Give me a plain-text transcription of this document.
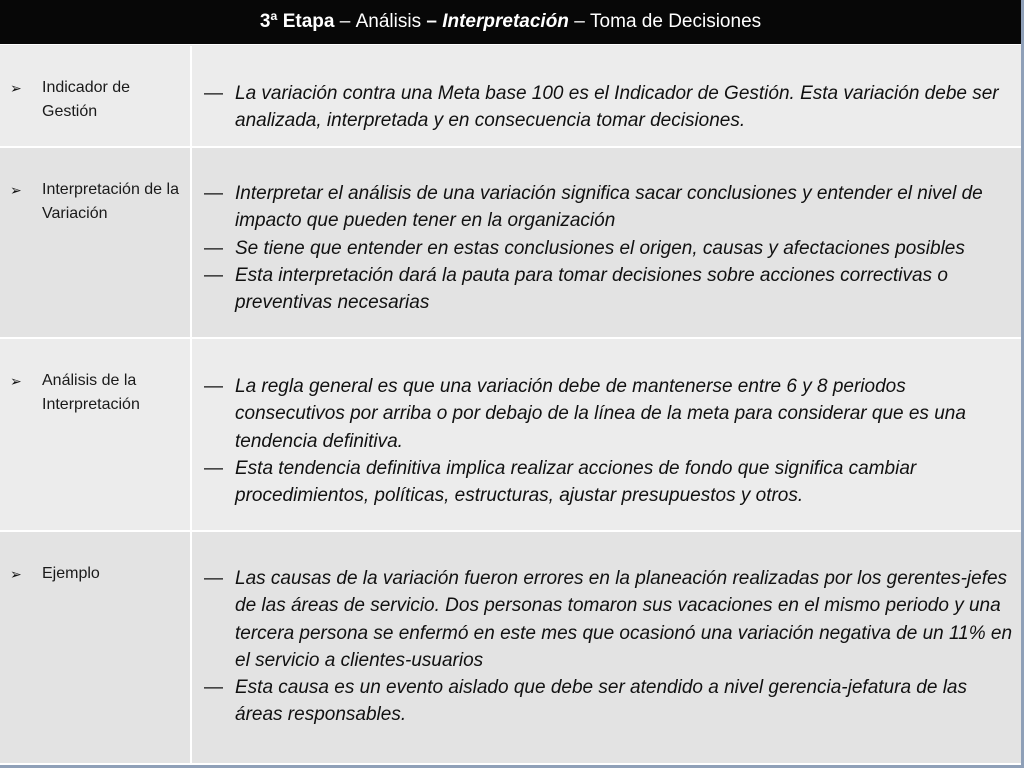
3ª Etapa – Análisis – Interpretación – Toma de Decisiones
➢	Indicador de Gestión
— La variación contra una Meta base 100 es el Indicador de Gestión. Esta variación debe ser analizada, interpretada y en consecuencia tomar decisiones.
➢	Interpretación de la Variación
— Interpretar el análisis de una variación significa sacar conclusiones y entender el nivel de impacto que pueden tener en la organización
— Se tiene que entender en estas conclusiones el origen, causas y afectaciones posibles
— Esta interpretación dará la pauta para tomar decisiones sobre acciones correctivas o preventivas necesarias
➢	Análisis de la Interpretación
— La regla general es que una variación debe de mantenerse entre 6 y 8 periodos consecutivos por arriba o por debajo de la línea de la meta para considerar que es una tendencia definitiva.
— Esta tendencia definitiva implica realizar acciones de fondo que significa cambiar procedimientos, políticas, estructuras, ajustar presupuestos y otros.
➢	Ejemplo	— Las causas de la variación fueron errores en la planeación realizadas por los gerentes-jefes de las áreas de servicio. Dos personas tomaron sus vacaciones en el mismo periodo y una tercera persona se enfermó en este mes que ocasionó una variación negativa de un 11% en el servicio a clientes-usuarios
— Esta causa es un evento aislado que debe ser atendido a nivel gerencia-jefatura de las áreas responsables.
